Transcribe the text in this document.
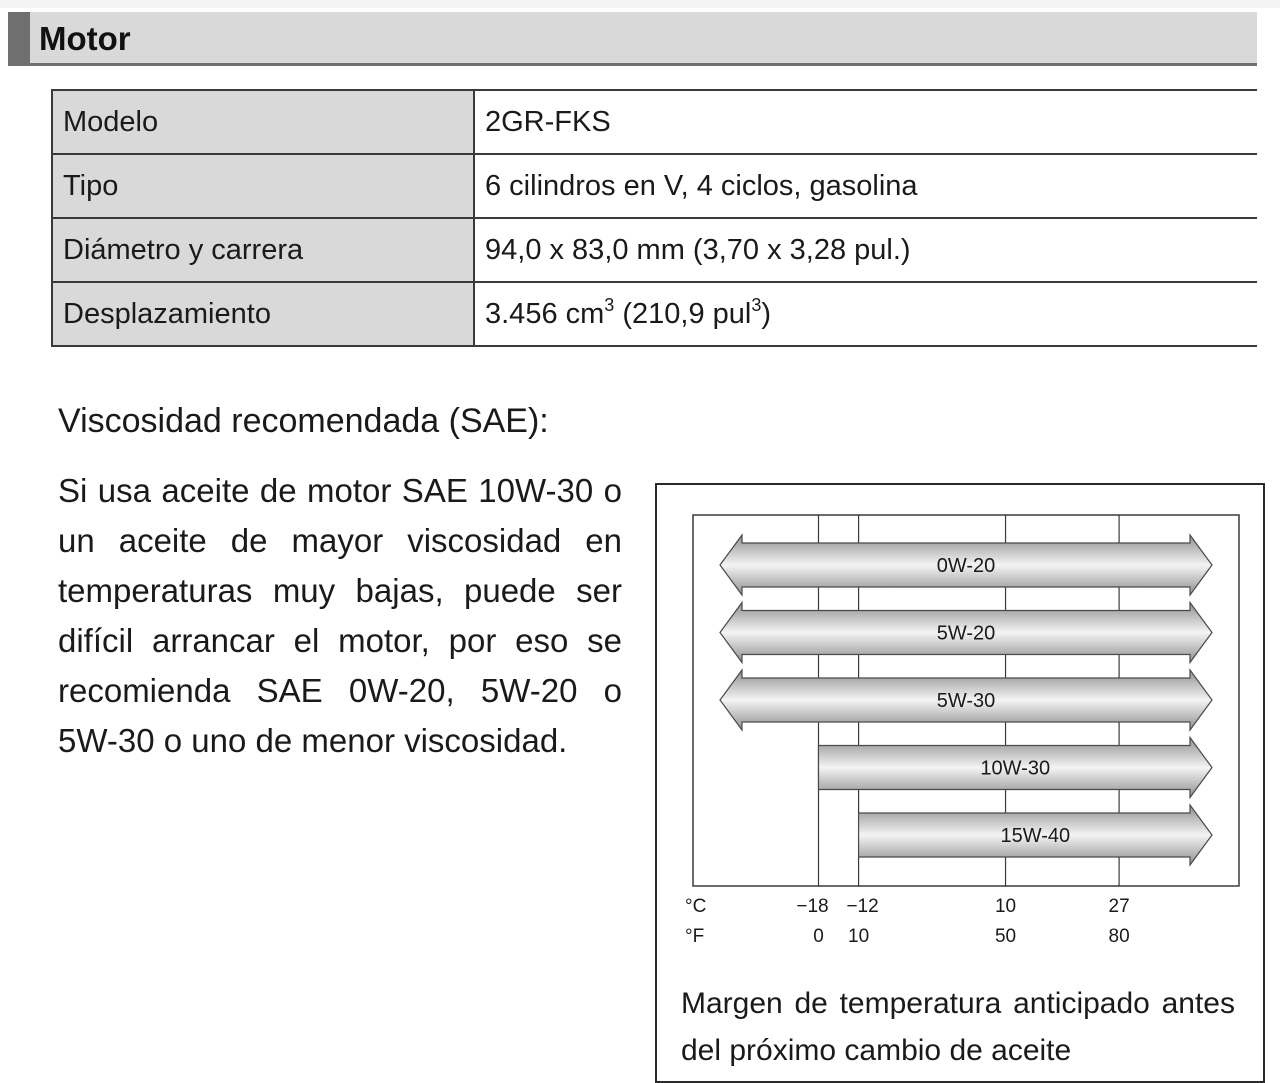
Motor
Modelo	2GR-FKS
Tipo	6 cilindros en V, 4 ciclos, gasolina
Diámetro y carrera	94,0 x 83,0 mm (3,70 x 3,28 pul.)
Desplazamiento	3.456 $cm^3$ (210,9 pul$^3$)
Viscosidad recomendada (SAE):
Si usa aceite de motor SAE 10W-30 o un aceite de mayor viscosidad en temperaturas muy bajas, puede ser difícil arrancar el motor, por eso se recomienda SAE 0W-20, 5W-20 o 5W-30 o uno de menor viscosidad.
0W-20
5W-20
5W-30
10W-30
15W-40
°C
°F
−18 −12	10	27
0 10	50	80
Margen de temperatura anticipado antes del próximo cambio de aceite
